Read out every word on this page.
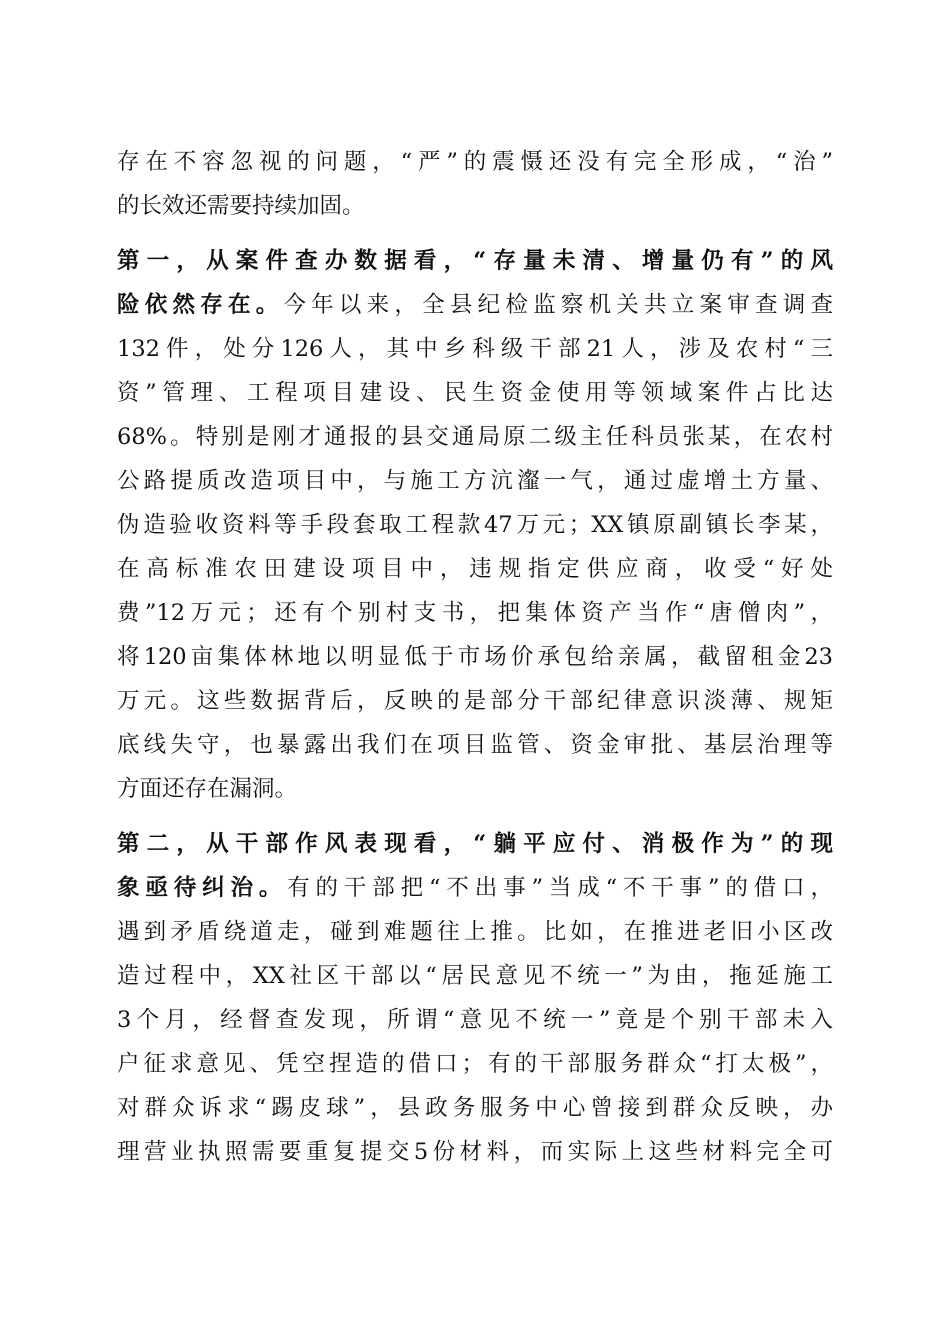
存在不容忽视的问题，“严”的震慑还没有完全形成，“治”
的长效还需要持续加固。
第一，从案件查办数据看，“存量未清、增量仍有”的风
险依然存在。今年以来，全县纪检监察机关共立案审查调查
132件，处分126人，其中乡科级干部21人，涉及农村“三
资”管理、工程项目建设、民生资金使用等领域案件占比达
68%。特别是刚才通报的县交通局原二级主任科员张某，在农村
公路提质改造项目中，与施工方沆瀣一气，通过虚增土方量、
伪造验收资料等手段套取工程款47万元；XX镇原副镇长李某，
在高标准农田建设项目中，违规指定供应商，收受“好处
费”12万元；还有个别村支书，把集体资产当作“唐僧肉”，
将120亩集体林地以明显低于市场价承包给亲属，截留租金23
万元。这些数据背后，反映的是部分干部纪律意识淡薄、规矩
底线失守，也暴露出我们在项目监管、资金审批、基层治理等
方面还存在漏洞。
第二，从干部作风表现看，“躺平应付、消极作为”的现
象亟待纠治。有的干部把“不出事”当成“不干事”的借口，
遇到矛盾绕道走，碰到难题往上推。比如，在推进老旧小区改
造过程中，XX社区干部以“居民意见不统一”为由，拖延施工
3个月，经督查发现，所谓“意见不统一”竟是个别干部未入
户征求意见、凭空捏造的借口；有的干部服务群众“打太极”，
对群众诉求“踢皮球”，县政务服务中心曾接到群众反映，办
理营业执照需要重复提交5份材料，而实际上这些材料完全可
